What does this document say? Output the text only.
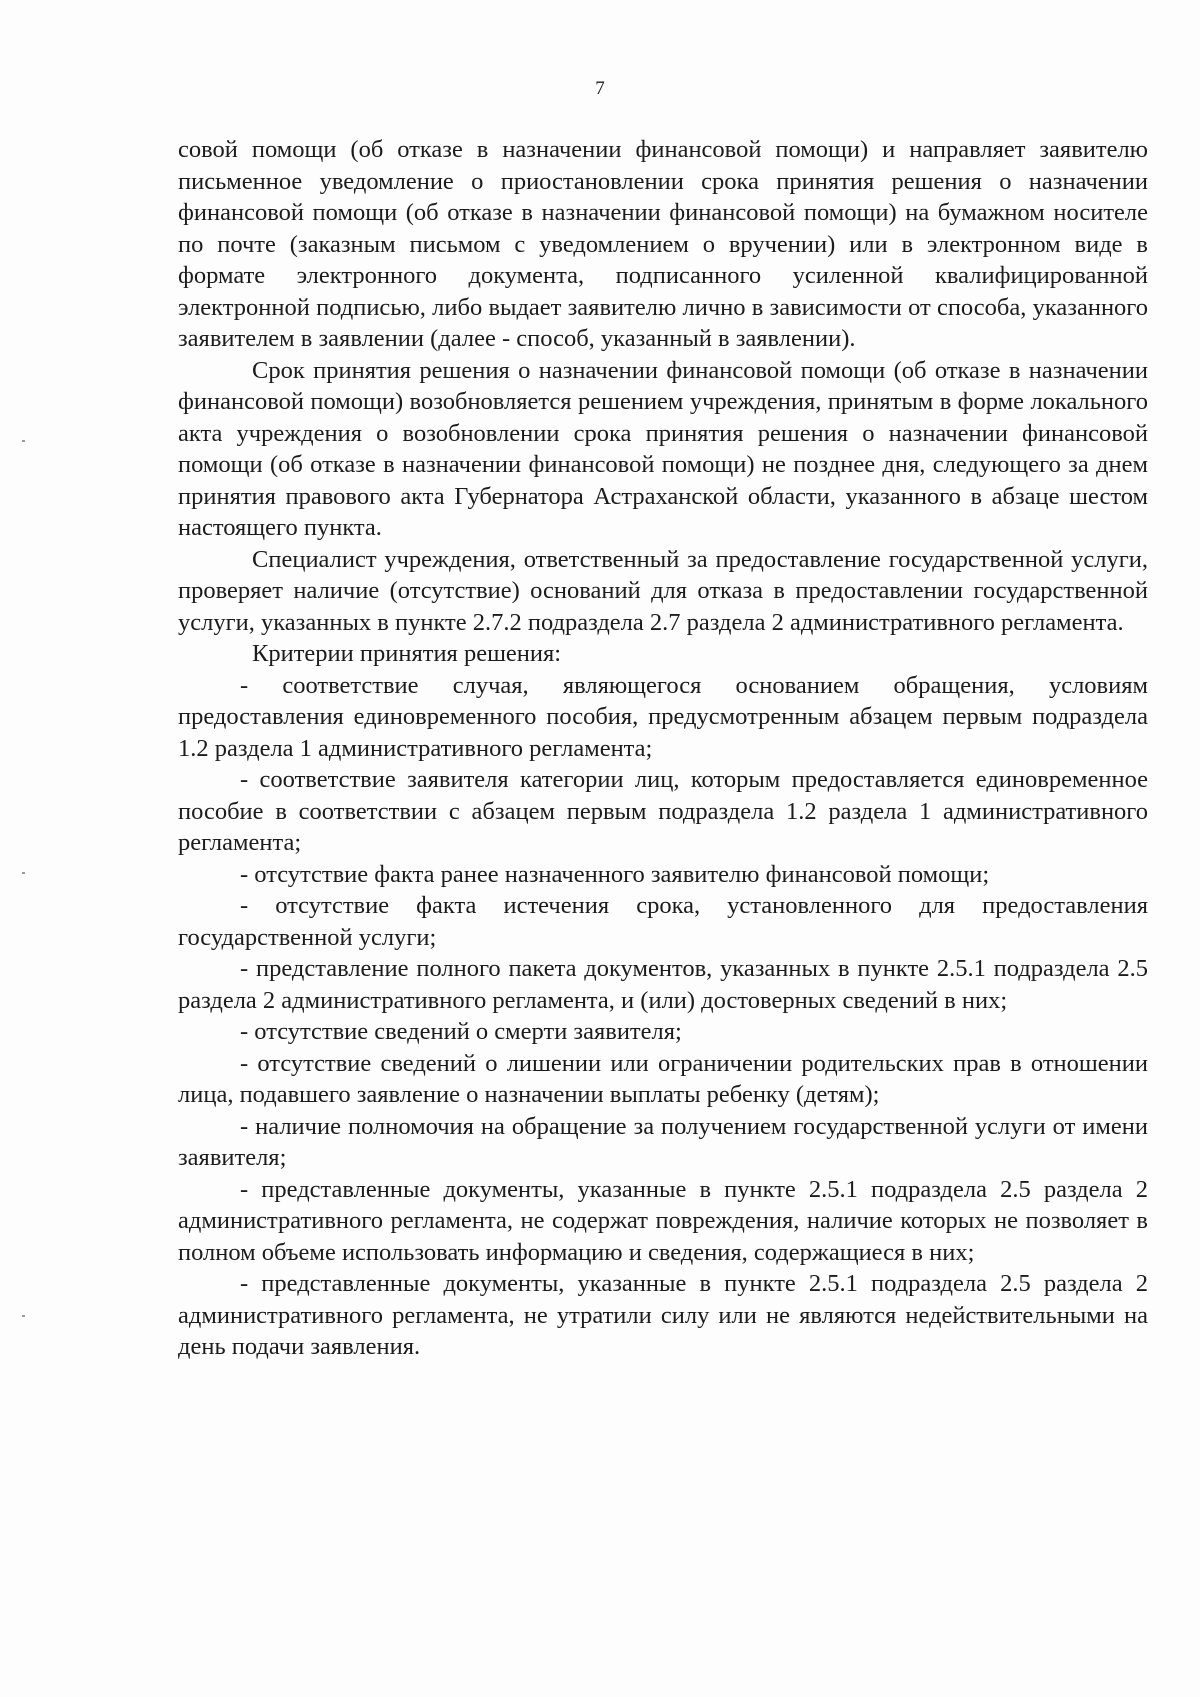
7

совой помощи (об отказе в назначении финансовой помощи) и направляет заявителю письменное уведомление о приостановлении срока принятия решения о назначении финансовой помощи (об отказе в назначении финансовой помощи) на бумажном носителе по почте (заказным письмом с уведомлением о вручении) или в электронном виде в формате электронного документа, подписанного усиленной квалифицированной электронной подписью, либо выдает заявителю лично в зависимости от способа, указанного заявителем в заявлении (далее - способ, указанный в заявлении).

Срок принятия решения о назначении финансовой помощи (об отказе в назначении финансовой помощи) возобновляется решением учреждения, принятым в форме локального акта учреждения о возобновлении срока принятия решения о назначении финансовой помощи (об отказе в назначении финансовой помощи) не позднее дня, следующего за днем принятия правового акта Губернатора Астраханской области, указанного в абзаце шестом настоящего пункта.

Специалист учреждения, ответственный за предоставление государственной услуги, проверяет наличие (отсутствие) оснований для отказа в предоставлении государственной услуги, указанных в пункте 2.7.2 подраздела 2.7 раздела 2 административного регламента.

Критерии принятия решения:

- соответствие случая, являющегося основанием обращения, условиям предоставления единовременного пособия, предусмотренным абзацем первым подраздела 1.2 раздела 1 административного регламента;

- соответствие заявителя категории лиц, которым предоставляется единовременное пособие в соответствии с абзацем первым подраздела 1.2 раздела 1 административного регламента;

- отсутствие факта ранее назначенного заявителю финансовой помощи;

- отсутствие факта истечения срока, установленного для предоставления государственной услуги;

- представление полного пакета документов, указанных в пункте 2.5.1 подраздела 2.5 раздела 2 административного регламента, и (или) достоверных сведений в них;

- отсутствие сведений о смерти заявителя;

- отсутствие сведений о лишении или ограничении родительских прав в отношении лица, подавшего заявление о назначении выплаты ребенку (детям);

- наличие полномочия на обращение за получением государственной услуги от имени заявителя;

- представленные документы, указанные в пункте 2.5.1 подраздела 2.5 раздела 2 административного регламента, не содержат повреждения, наличие которых не позволяет в полном объеме использовать информацию и сведения, содержащиеся в них;

- представленные документы, указанные в пункте 2.5.1 подраздела 2.5 раздела 2 административного регламента, не утратили силу или не являются недействительными на день подачи заявления.
